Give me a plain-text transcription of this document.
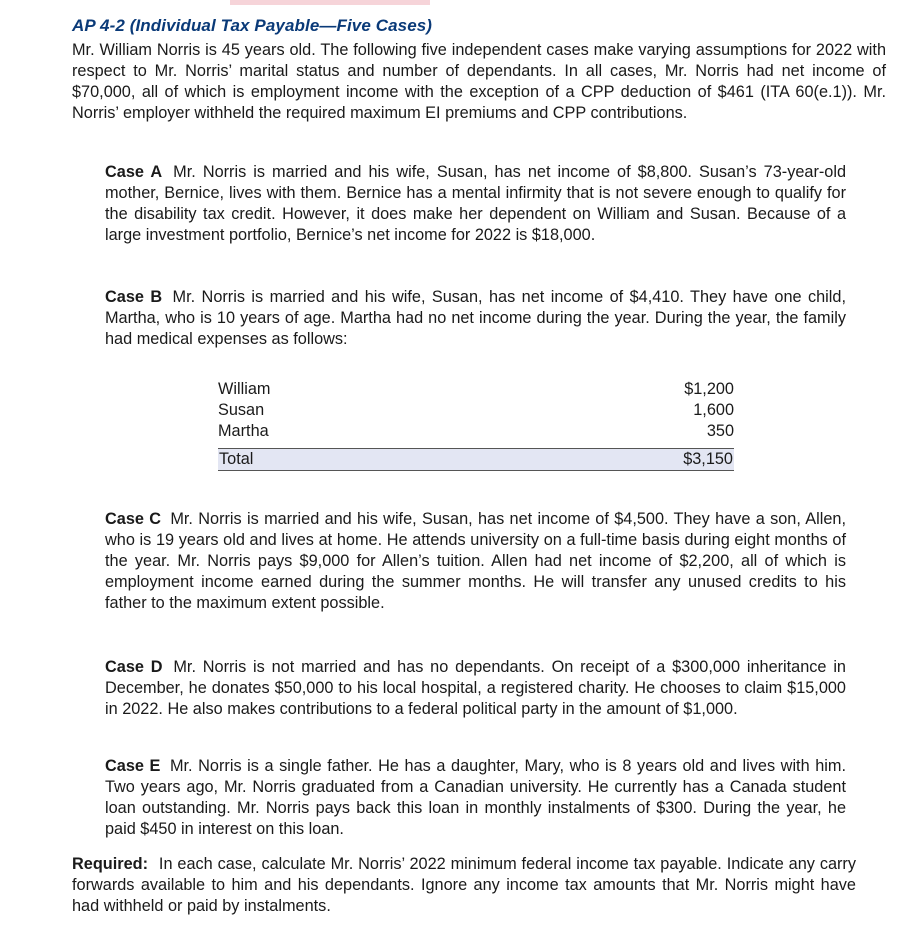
AP 4-2 (Individual Tax Payable—Five Cases)
Mr. William Norris is 45 years old. The following five independent cases make varying assumptions for 2022 with respect to Mr. Norris’ marital status and number of dependants. In all cases, Mr. Norris had net income of $70,000, all of which is employment income with the exception of a CPP deduction of $461 (ITA 60(e.1)). Mr. Norris’ employer withheld the required maximum EI premiums and CPP contributions.
Case A Mr. Norris is married and his wife, Susan, has net income of $8,800. Susan’s 73-year-old mother, Bernice, lives with them. Bernice has a mental infirmity that is not severe enough to qualify for the disability tax credit. However, it does make her dependent on William and Susan. Because of a large investment portfolio, Bernice’s net income for 2022 is $18,000.
Case B Mr. Norris is married and his wife, Susan, has net income of $4,410. They have one child, Martha, who is 10 years of age. Martha had no net income during the year. During the year, the family had medical expenses as follows:
William	$1,200
Susan	1,600
Martha	350
Total	$3,150
Case C Mr. Norris is married and his wife, Susan, has net income of $4,500. They have a son, Allen, who is 19 years old and lives at home. He attends university on a full-time basis during eight months of the year. Mr. Norris pays $9,000 for Allen’s tuition. Allen had net income of $2,200, all of which is employment income earned during the summer months. He will transfer any unused credits to his father to the maximum extent possible.
Case D Mr. Norris is not married and has no dependants. On receipt of a $300,000 inheritance in December, he donates $50,000 to his local hospital, a registered charity. He chooses to claim $15,000 in 2022. He also makes contributions to a federal political party in the amount of $1,000.
Case E Mr. Norris is a single father. He has a daughter, Mary, who is 8 years old and lives with him. Two years ago, Mr. Norris graduated from a Canadian university. He currently has a Canada student loan outstanding. Mr. Norris pays back this loan in monthly instalments of $300. During the year, he paid $450 in interest on this loan.
Required: In each case, calculate Mr. Norris’ 2022 minimum federal income tax payable. Indicate any carry forwards available to him and his dependants. Ignore any income tax amounts that Mr. Norris might have had withheld or paid by instalments.
